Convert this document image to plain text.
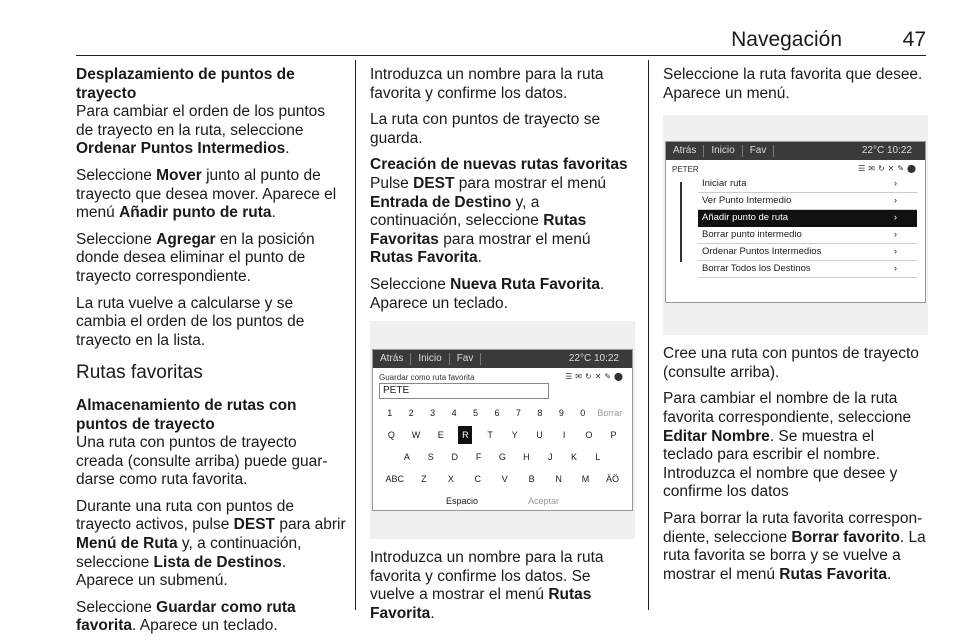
Navegación	47
Desplazamiento de puntos de trayecto

Para cambiar el orden de los puntos de trayecto en la ruta, seleccione Ordenar Puntos Intermedios.

Seleccione Mover junto al punto de trayecto que desea mover. Aparece el menú Añadir punto de ruta.

Seleccione Agregar en la posición donde desea eliminar el punto de trayecto correspondiente.

La ruta vuelve a calcularse y se cambia el orden de los puntos de trayecto en la lista.

Rutas favoritas
Almacenamiento de rutas con puntos de trayecto

Una ruta con puntos de trayecto creada (consulte arriba) puede guar-darse como ruta favorita.

Durante una ruta con puntos de trayecto activos, pulse DEST para abrir Menú de Ruta y, a continuación, seleccione Lista de Destinos. Aparece un submenú.

Seleccione Guardar como ruta favorita. Aparece un teclado.

Introduzca un nombre para la ruta favorita y confirme los datos.

La ruta con puntos de trayecto se guarda.

Creación de nuevas rutas favoritas

Pulse DEST para mostrar el menú Entrada de Destino y, a continuación, seleccione Rutas Favoritas para mostrar el menú Rutas Favorita.

Seleccione Nueva Ruta Favorita. Aparece un teclado.

Atrás Inicio Fav	22°C 10:22
Guardar como ruta favorita	☰✉↻✕✎⬤
PETE
1	2	3	4	5	6	7	8	9	0	Borrar
Q	W	E	R	T	Y	U	I	O	P
A	S	D	F	G	H	J	K	L
ABC	Z	X	C	V	B	N	M	ÄÖ
Espacio	Aceptar

Introduzca un nombre para la ruta favorita y confirme los datos. Se vuelve a mostrar el menú Rutas Favorita.

Seleccione la ruta favorita que desee. Aparece un menú.

Atrás Inicio Fav	22°C 10:22
PETER	☰✉↻✕✎⬤
Iniciar ruta	›
Ver Punto Intermedio	›
Añadir punto de ruta	›
Borrar punto intermedio	›
Ordenar Puntos Intermedios	›
Borrar Todos los Destinos	›

Cree una ruta con puntos de trayecto (consulte arriba).

Para cambiar el nombre de la ruta favorita correspondiente, seleccione Editar Nombre. Se muestra el teclado para escribir el nombre. Introduzca el nombre que desee y confirme los datos

Para borrar la ruta favorita correspon-diente, seleccione Borrar favorito. La ruta favorita se borra y se vuelve a mostrar el menú Rutas Favorita.
